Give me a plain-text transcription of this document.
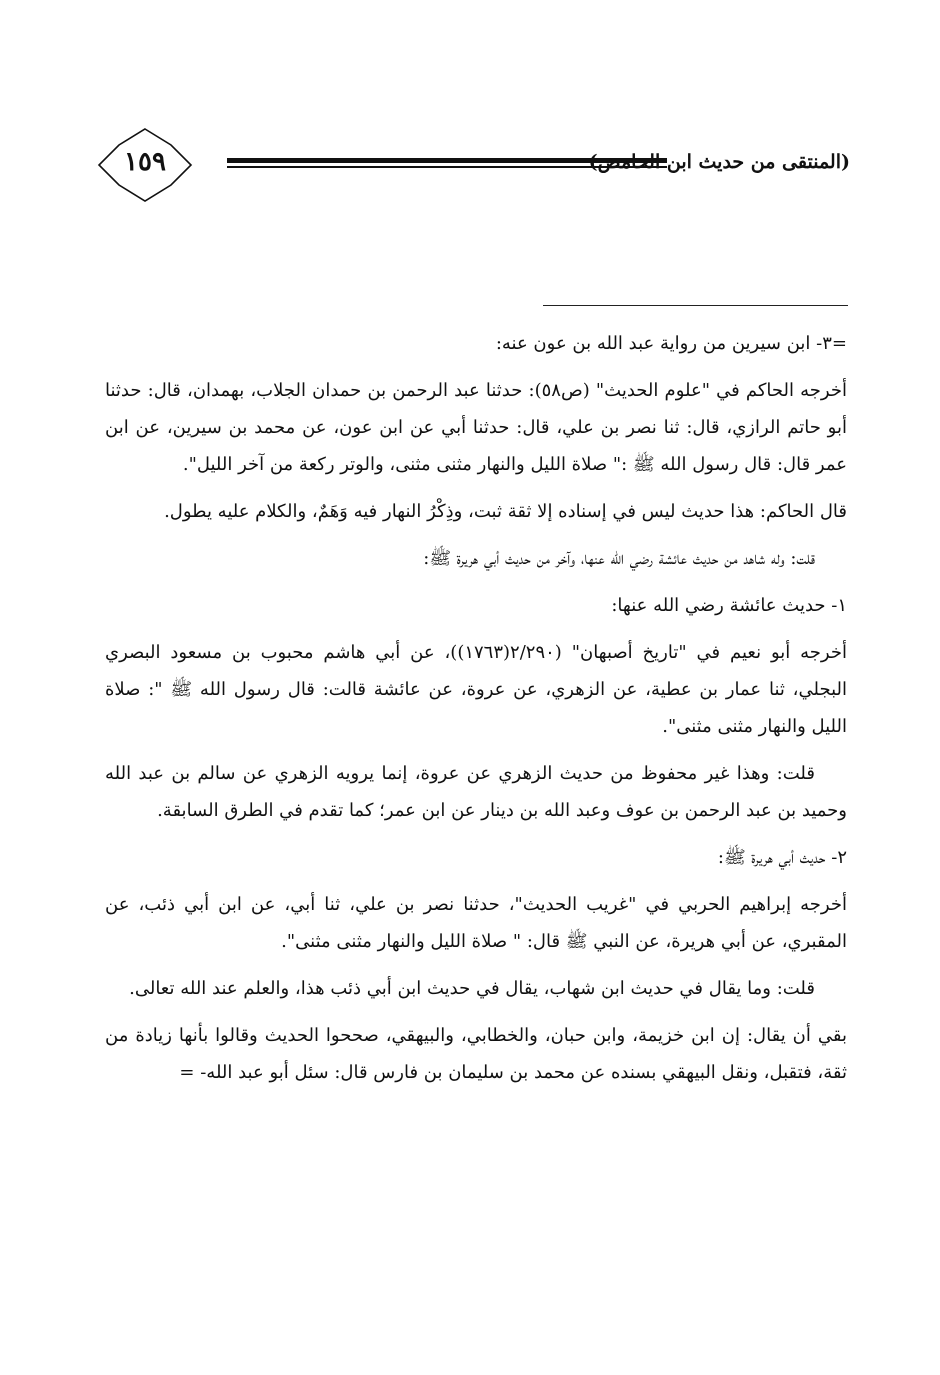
١٥٩	(المنتقى من حديث ابن الحامض)

=٣- ابن سيرين من رواية عبد الله بن عون عنه:

أخرجه الحاكم في "علوم الحديث" (ص٥٨): حدثنا عبد الرحمن بن حمدان الجلاب، بهمدان، قال: حدثنا أبو حاتم الرازي، قال: ثنا نصر بن علي، قال: حدثنا أبي عن ابن عون، عن محمد بن سيرين، عن ابن عمر قال: قال رسول الله ﷺ :" صلاة الليل والنهار مثنى مثنى، والوتر ركعة من آخر الليل".

قال الحاكم: هذا حديث ليس في إسناده إلا ثقة ثبت، وذِكْرُ النهار فيه وَهَمٌ، والكلام عليه يطول.

قلت: وله شاهد من حديث عائشة رضي الله عنها، وآخر من حديث أبي هريرة ﷺ:

١- حديث عائشة رضي الله عنها:

أخرجه أبو نعيم في "تاريخ أصبهان" (٢/٢٩٠(١٧٦٣))، عن أبي هاشم محبوب بن مسعود البصري البجلي، ثنا عمار بن عطية، عن الزهري، عن عروة، عن عائشة قالت: قال رسول الله ﷺ ": صلاة الليل والنهار مثنى مثنى".

قلت: وهذا غير محفوظ من حديث الزهري عن عروة، إنما يرويه الزهري عن سالم بن عبد الله وحميد بن عبد الرحمن بن عوف وعبد الله بن دينار عن ابن عمر؛ كما تقدم في الطرق السابقة.

٢- حديث أبي هريرة ﷺ:

أخرجه إبراهيم الحربي في "غريب الحديث"، حدثنا نصر بن علي، ثنا أبي، عن ابن أبي ذئب، عن المقبري، عن أبي هريرة، عن النبي ﷺ قال: " صلاة الليل والنهار مثنى مثنى".

قلت: وما يقال في حديث ابن شهاب، يقال في حديث ابن أبي ذئب هذا، والعلم عند الله تعالى.

بقي أن يقال: إن ابن خزيمة، وابن حبان، والخطابي، والبيهقي، صححوا الحديث وقالوا بأنها زيادة من ثقة، فتقبل، ونقل البيهقي بسنده عن محمد بن سليمان بن فارس قال: سئل أبو عبد الله- =
